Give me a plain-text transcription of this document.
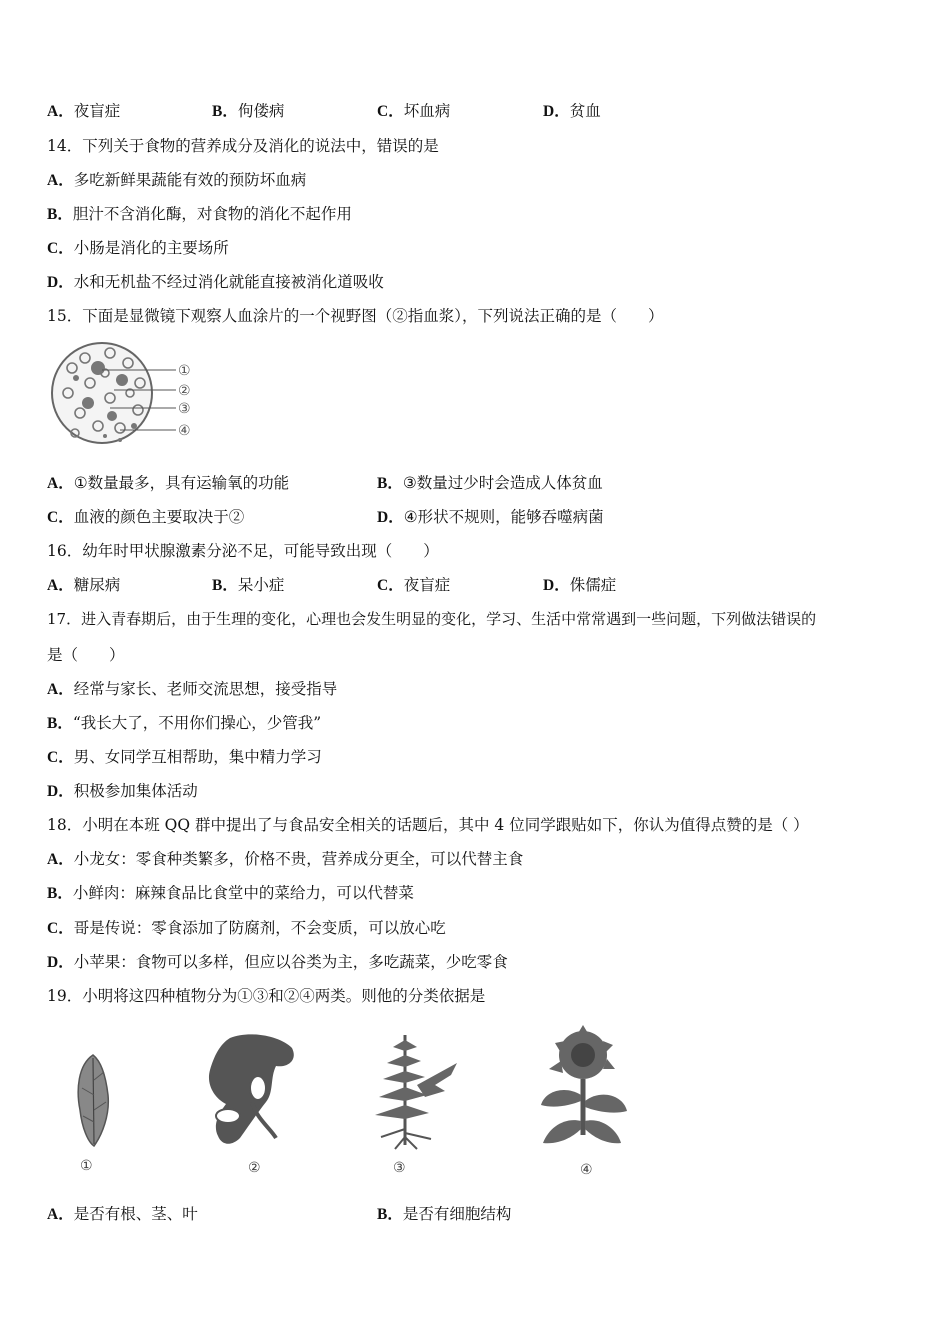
A．夜盲症	B．佝偻病	C．坏血病	D．贫血
14．下列关于食物的营养成分及消化的说法中，错误的是
A．多吃新鲜果蔬能有效的预防坏血病
B．胆汁不含消化酶，对食物的消化不起作用
C．小肠是消化的主要场所
D．水和无机盐不经过消化就能直接被消化道吸收
15．下面是显微镜下观察人血涂片的一个视野图（②指血浆），下列说法正确的是（　　）
①
②
③
④
A．①数量最多，具有运输氧的功能	B．③数量过少时会造成人体贫血
C．血液的颜色主要取决于②	D．④形状不规则，能够吞噬病菌
16．幼年时甲状腺激素分泌不足，可能导致出现（　　）
A．糖尿病	B．呆小症	C．夜盲症	D．侏儒症
17．进入青春期后，由于生理的变化，心理也会发生明显的变化，学习、生活中常常遇到一些问题，下列做法错误的
是（　　）
A．经常与家长、老师交流思想，接受指导
B．“我长大了，不用你们操心，少管我”
C．男、女同学互相帮助，集中精力学习
D．积极参加集体活动
18．小明在本班 QQ 群中提出了与食品安全相关的话题后，其中 4 位同学跟贴如下，你认为值得点赞的是（ ）
A．小龙女：零食种类繁多，价格不贵，营养成分更全，可以代替主食
B．小鲜肉：麻辣食品比食堂中的菜给力，可以代替菜
C．哥是传说：零食添加了防腐剂，不会变质，可以放心吃
D．小苹果：食物可以多样，但应以谷类为主，多吃蔬菜，少吃零食
19．小明将这四种植物分为①③和②④两类。则他的分类依据是
①	②	③	④
A．是否有根、茎、叶	B．是否有细胞结构
